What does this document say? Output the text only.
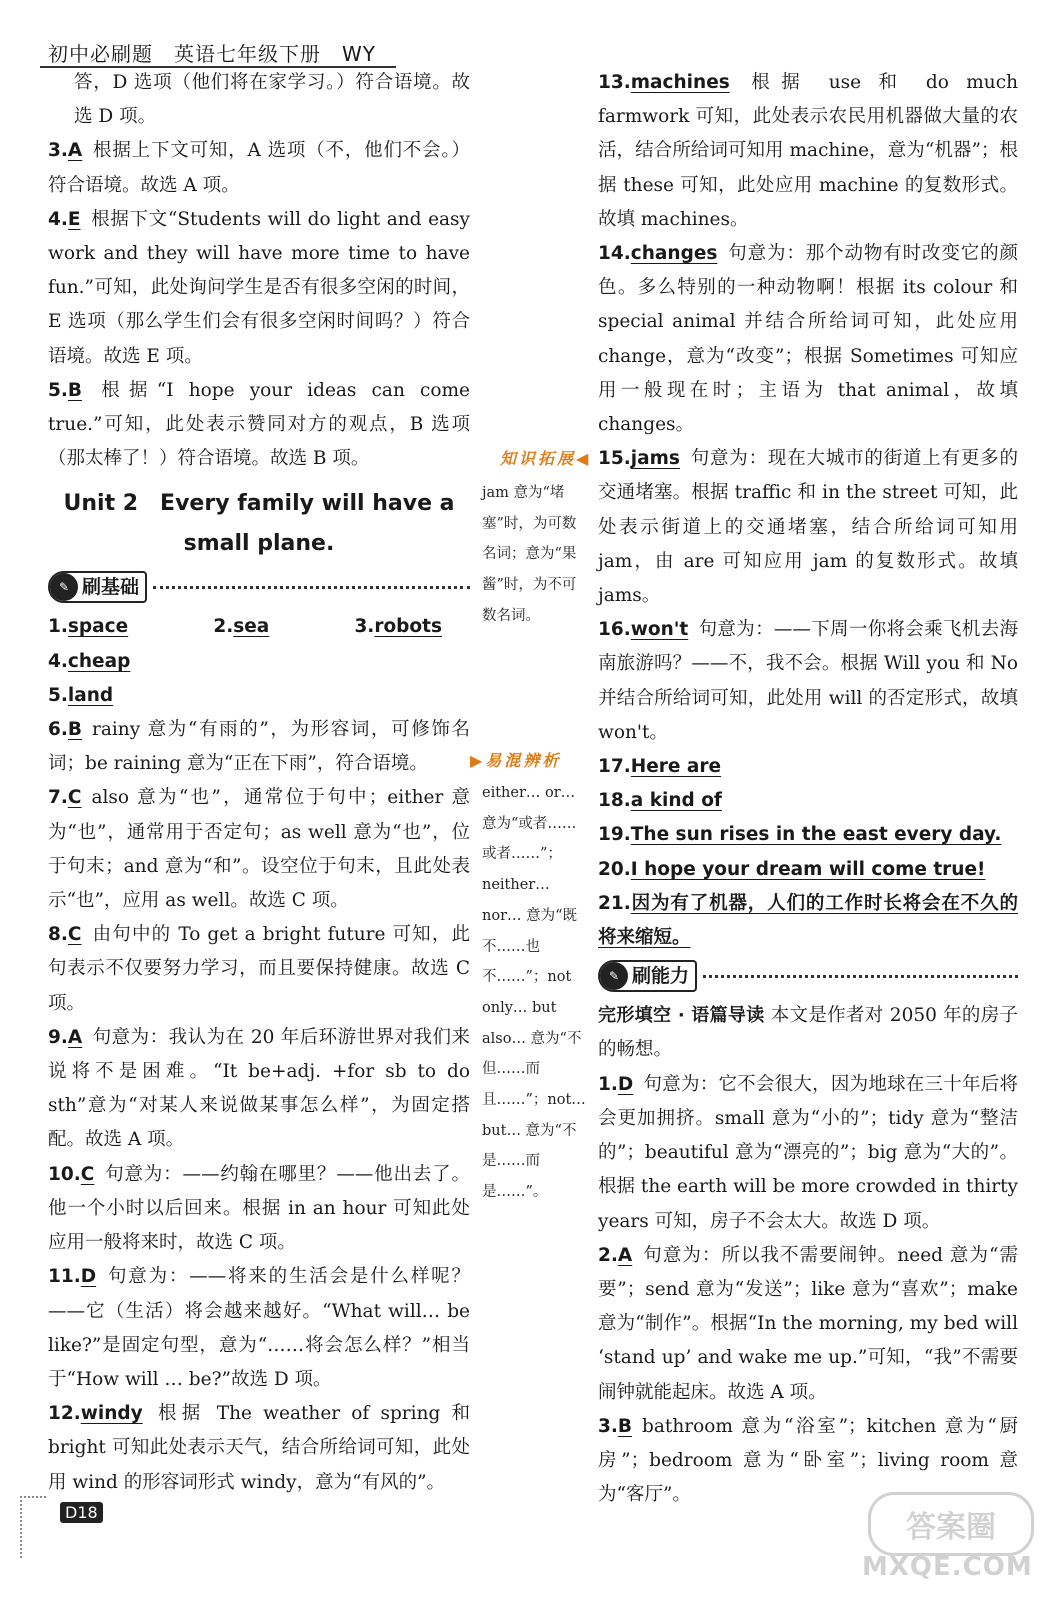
初中必刷题　英语七年级下册　WY

答，D 选项（他们将在家学习。）符合语境。故选 D 项。

3.A 根据上下文可知，A 选项（不，他们不会。）符合语境。故选 A 项。

4.E 根据下文“Students will do light and easy work and they will have more time to have fun.”可知，此处询问学生是否有很多空闲的时间，E 选项（那么学生们会有很多空闲时间吗？）符合语境。故选 E 项。

5.B 根据“I hope your ideas can come true.”可知，此处表示赞同对方的观点，B 选项（那太棒了！）符合语境。故选 B 项。

Unit 2　Every family will have a
small plane.
✎ 刷基础

1.space	2.sea	3.robots 4.cheap

5.land

6.B rainy 意为“有雨的”，为形容词，可修饰名词；be raining 意为“正在下雨”，符合语境。

7.C also 意为“也”，通常位于句中；either 意为“也”，通常用于否定句；as well 意为“也”，位于句末；and 意为“和”。设空位于句末，且此处表示“也”，应用 as well。故选 C 项。

8.C 由句中的 To get a bright future 可知，此句表示不仅要努力学习，而且要保持健康。故选 C 项。

9.A 句意为：我认为在 20 年后环游世界对我们来说将不是困难。“It be+adj. +for sb to do sth”意为“对某人来说做某事怎么样”，为固定搭配。故选 A 项。

10.C 句意为：——约翰在哪里？——他出去了。他一个小时以后回来。根据 in an hour 可知此处应用一般将来时，故选 C 项。

11.D 句意为：——将来的生活会是什么样呢？——它（生活）将会越来越好。“What will… be like?”是固定句型，意为“……将会怎么样？”相当于“How will … be?”故选 D 项。

12.windy 根据 The weather of spring 和 bright 可知此处表示天气，结合所给词可知，此处用 wind 的形容词形式 windy，意为“有风的”。

知识拓展◀
jam 意为“堵塞”时，为可数名词；意为“果酱”时，为不可数名词。
▶易混辨析
either… or… 意为“或者……或者……”；neither… nor… 意为“既不……也不……”；not only… but also… 意为“不但……而且……”；not… but… 意为“不是……而是……”。

13.machines 根据 use 和 do much farmwork 可知，此处表示农民用机器做大量的农活，结合所给词可知用 machine，意为“机器”；根据 these 可知，此处应用 machine 的复数形式。故填 machines。

14.changes 句意为：那个动物有时改变它的颜色。多么特别的一种动物啊！根据 its colour 和 special animal 并结合所给词可知，此处应用 change，意为“改变”；根据 Sometimes 可知应用一般现在时；主语为 that animal，故填 changes。

15.jams 句意为：现在大城市的街道上有更多的交通堵塞。根据 traffic 和 in the street 可知，此处表示街道上的交通堵塞，结合所给词可知用 jam，由 are 可知应用 jam 的复数形式。故填 jams。

16.won't 句意为：——下周一你将会乘飞机去海南旅游吗？——不，我不会。根据 Will you 和 No 并结合所给词可知，此处用 will 的否定形式，故填 won't。

17.Here are

18.a kind of

19.The sun rises in the east every day.

20.I hope your dream will come true!

21.因为有了机器，人们的工作时长将会在不久的将来缩短。

✎ 刷能力

完形填空 · 语篇导读 本文是作者对 2050 年的房子的畅想。

1.D 句意为：它不会很大，因为地球在三十年后将会更加拥挤。small 意为“小的”；tidy 意为“整洁的”；beautiful 意为“漂亮的”；big 意为“大的”。根据 the earth will be more crowded in thirty years 可知，房子不会太大。故选 D 项。

2.A 句意为：所以我不需要闹钟。need 意为“需要”；send 意为“发送”；like 意为“喜欢”；make 意为“制作”。根据“In the morning, my bed will ‘stand up’ and wake me up.”可知，“我”不需要闹钟就能起床。故选 A 项。

3.B bathroom 意为“浴室”；kitchen 意为“厨房”；bedroom 意为“卧室”；living room 意为“客厅”。

D18	答案圈
MXQE.COM
